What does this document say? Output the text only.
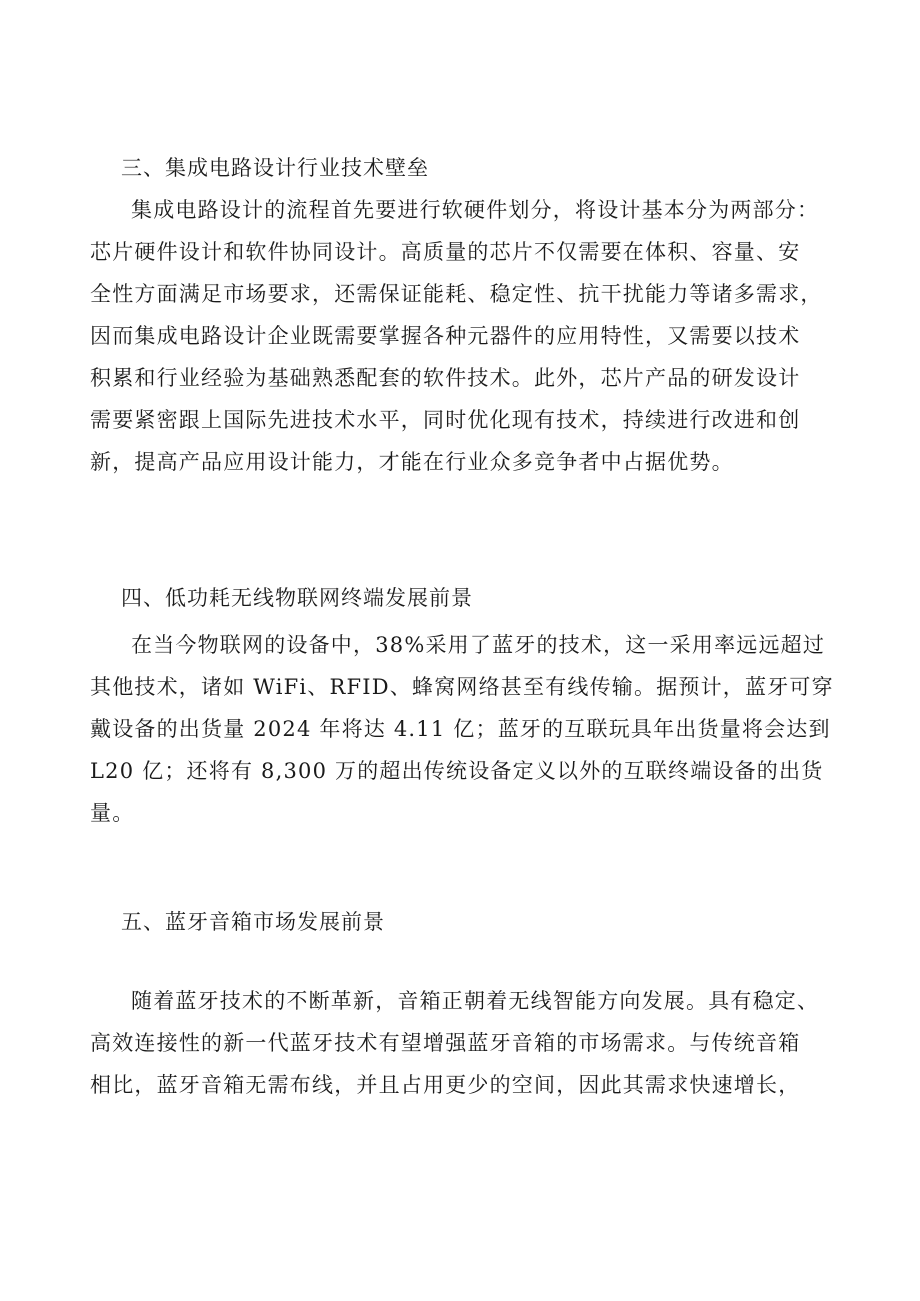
三、集成电路设计行业技术壁垒
集成电路设计的流程首先要进行软硬件划分，将设计基本分为两部分：
芯片硬件设计和软件协同设计。高质量的芯片不仅需要在体积、容量、安
全性方面满足市场要求，还需保证能耗、稳定性、抗干扰能力等诸多需求，
因而集成电路设计企业既需要掌握各种元器件的应用特性，又需要以技术
积累和行业经验为基础熟悉配套的软件技术。此外，芯片产品的研发设计
需要紧密跟上国际先进技术水平，同时优化现有技术，持续进行改进和创
新，提高产品应用设计能力，才能在行业众多竞争者中占据优势。
四、低功耗无线物联网终端发展前景
在当今物联网的设备中，38%采用了蓝牙的技术，这一采用率远远超过
其他技术，诸如 WiFi、RFID、蜂窝网络甚至有线传输。据预计，蓝牙可穿
戴设备的出货量 2024 年将达 4.11 亿；蓝牙的互联玩具年出货量将会达到
L20 亿；还将有 8,300 万的超出传统设备定义以外的互联终端设备的出货
量。
五、蓝牙音箱市场发展前景
随着蓝牙技术的不断革新，音箱正朝着无线智能方向发展。具有稳定、
高效连接性的新一代蓝牙技术有望增强蓝牙音箱的市场需求。与传统音箱
相比，蓝牙音箱无需布线，并且占用更少的空间，因此其需求快速增长，
